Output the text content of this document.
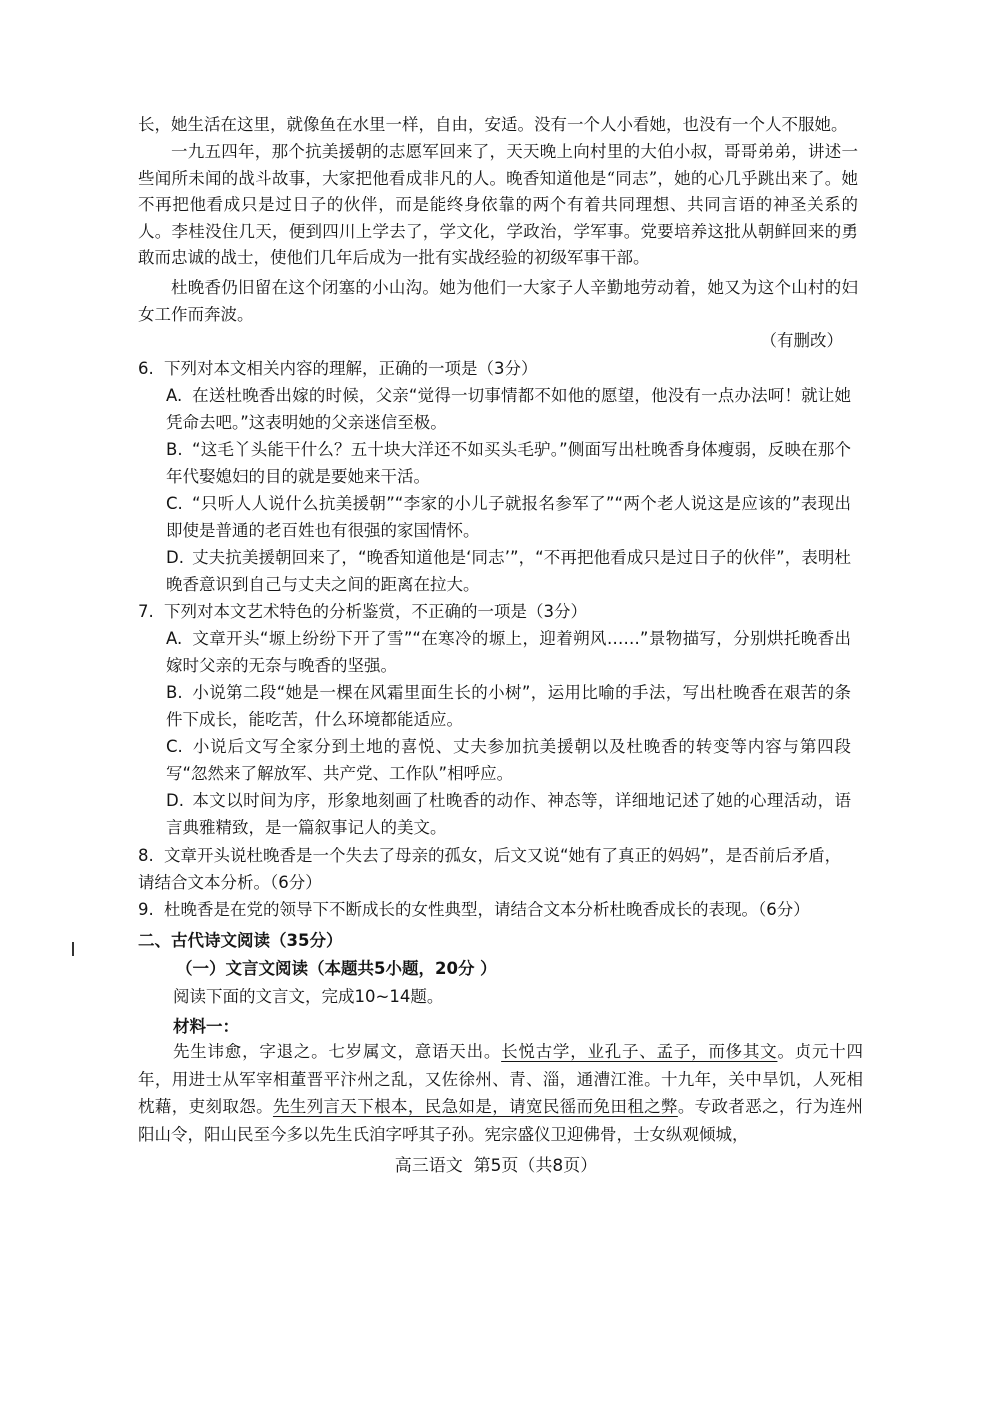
长，她生活在这里，就像鱼在水里一样，自由，安适。没有一个人小看她，也没有一个人不服她。

一九五四年，那个抗美援朝的志愿军回来了，天天晚上向村里的大伯小叔，哥哥弟弟，讲述一些闻所未闻的战斗故事，大家把他看成非凡的人。晚香知道他是“同志”，她的心几乎跳出来了。她不再把他看成只是过日子的伙伴，而是能终身依靠的两个有着共同理想、共同言语的神圣关系的人。李桂没住几天，便到四川上学去了，学文化，学政治，学军事。党要培养这批从朝鲜回来的勇敢而忠诚的战士，使他们几年后成为一批有实战经验的初级军事干部。

杜晚香仍旧留在这个闭塞的小山沟。她为他们一大家子人辛勤地劳动着，她又为这个山村的妇女工作而奔波。

（有删改）

6. 下列对本文相关内容的理解，正确的一项是（3分）

A. 在送杜晚香出嫁的时候，父亲“觉得一切事情都不如他的愿望，他没有一点办法呵！就让她凭命去吧。”这表明她的父亲迷信至极。

B. “这毛丫头能干什么？五十块大洋还不如买头毛驴。”侧面写出杜晚香身体瘦弱，反映在那个年代娶媳妇的目的就是要她来干活。

C. “只听人人说什么抗美援朝”“李家的小儿子就报名参军了”“两个老人说这是应该的”表现出即使是普通的老百姓也有很强的家国情怀。

D. 丈夫抗美援朝回来了，“晚香知道他是‘同志’”，“不再把他看成只是过日子的伙伴”，表明杜晚香意识到自己与丈夫之间的距离在拉大。

7. 下列对本文艺术特色的分析鉴赏，不正确的一项是（3分）

A. 文章开头“塬上纷纷下开了雪”“在寒冷的塬上，迎着朔风……”景物描写，分别烘托晚香出嫁时父亲的无奈与晚香的坚强。

B. 小说第二段“她是一棵在风霜里面生长的小树”，运用比喻的手法，写出杜晚香在艰苦的条件下成长，能吃苦，什么环境都能适应。

C. 小说后文写全家分到土地的喜悦、丈夫参加抗美援朝以及杜晚香的转变等内容与第四段写“忽然来了解放军、共产党、工作队”相呼应。

D. 本文以时间为序，形象地刻画了杜晚香的动作、神态等，详细地记述了她的心理活动，语言典雅精致，是一篇叙事记人的美文。

8. 文章开头说杜晚香是一个失去了母亲的孤女，后文又说“她有了真正的妈妈”，是否前后矛盾，请结合文本分析。（6分）

9. 杜晚香是在党的领导下不断成长的女性典型，请结合文本分析杜晚香成长的表现。（6分）

二、古代诗文阅读（35分）

（一）文言文阅读（本题共5小题，20分 ）

阅读下面的文言文，完成10~14题。

材料一：

先生讳愈，字退之。七岁属文，意语天出。长悦古学，业孔子、孟子，而侈其文。贞元十四年，用进士从军宰相董晋平汴州之乱，又佐徐州、青、淄，通漕江淮。十九年，关中旱饥，人死相枕藉，吏刻取怨。先生列言天下根本，民急如是，请宽民徭而免田租之弊。专政者恶之，行为连州阳山令，阳山民至今多以先生氏洎字呼其子孙。宪宗盛仪卫迎佛骨，士女纵观倾城，

高三语文 第5页（共8页）
